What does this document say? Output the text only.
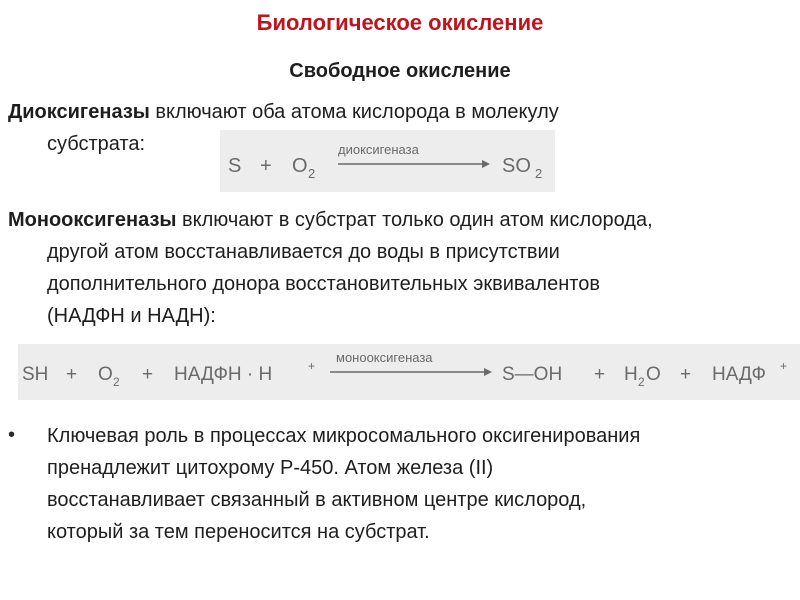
Биологическое окисление
Свободное окисление
Диоксигеназы включают оба атома кислорода в молекулу
субстрата:
S + O 2
диоксигеназа
SO 2
Монооксигеназы включают в субстрат только один атом кислорода,
другой атом восстанавливается до воды в присутствии
дополнительного донора восстановительных эквивалентов
(НАДФН и НАДН):
SH + O 2 + НАДФН · Н	+
монооксигеназа
S—OH + H 2 O + НАДФ +
• Ключевая роль в процессах микросомального оксигенирования
пренадлежит цитохрому Р-450. Атом железа (II)
восстанавливает связанный в активном центре кислород,
который за тем переносится на субстрат.
